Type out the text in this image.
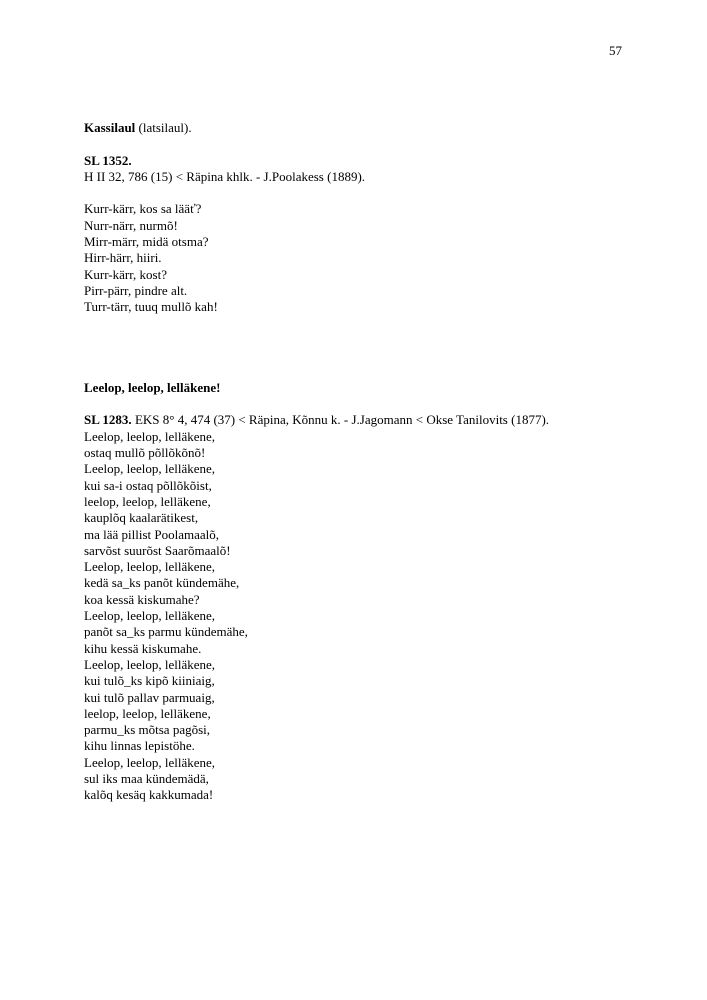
57
Kassilaul (latsilaul).
SL 1352.
H II 32, 786 (15) < Räpina khlk. - J.Poolakess (1889).
Kurr-kärr, kos sa lääť?
Nurr-närr, nurmõ!
Mirr-märr, midä otsma?
Hirr-härr, hiiri.
Kurr-kärr, kost?
Pirr-pärr, pindre alt.
Turr-tärr, tuuq mullõ kah!
Leelop, leelop, lelläkene!
SL 1283. EKS 8° 4, 474 (37) < Räpina, Kõnnu k. - J.Jagomann < Okse Tanilovits (1877).
Leelop, leelop, lelläkene,
ostaq mullõ põllõkõnõ!
Leelop, leelop, lelläkene,
kui sa-i ostaq põllõkõist,
leelop, leelop, lelläkene,
kauplõq kaalarätikest,
ma lää pillist Poolamaalõ,
sarvõst suurõst Saarõmaalõ!
Leelop, leelop, lelläkene,
kedä sa_ks panõt kündemähe,
koa kessä kiskumahe?
Leelop, leelop, lelläkene,
panõt sa_ks parmu kündemähe,
kihu kessä kiskumahe.
Leelop, leelop, lelläkene,
kui tulõ_ks kipõ kiiniaig,
kui tulõ pallav parmuaig,
leelop, leelop, lelläkene,
parmu_ks mõtsa pagõsi,
kihu linnas lepistöhe.
Leelop, leelop, lelläkene,
sul iks maa kündemädä,
kalõq kesäq kakkumada!
